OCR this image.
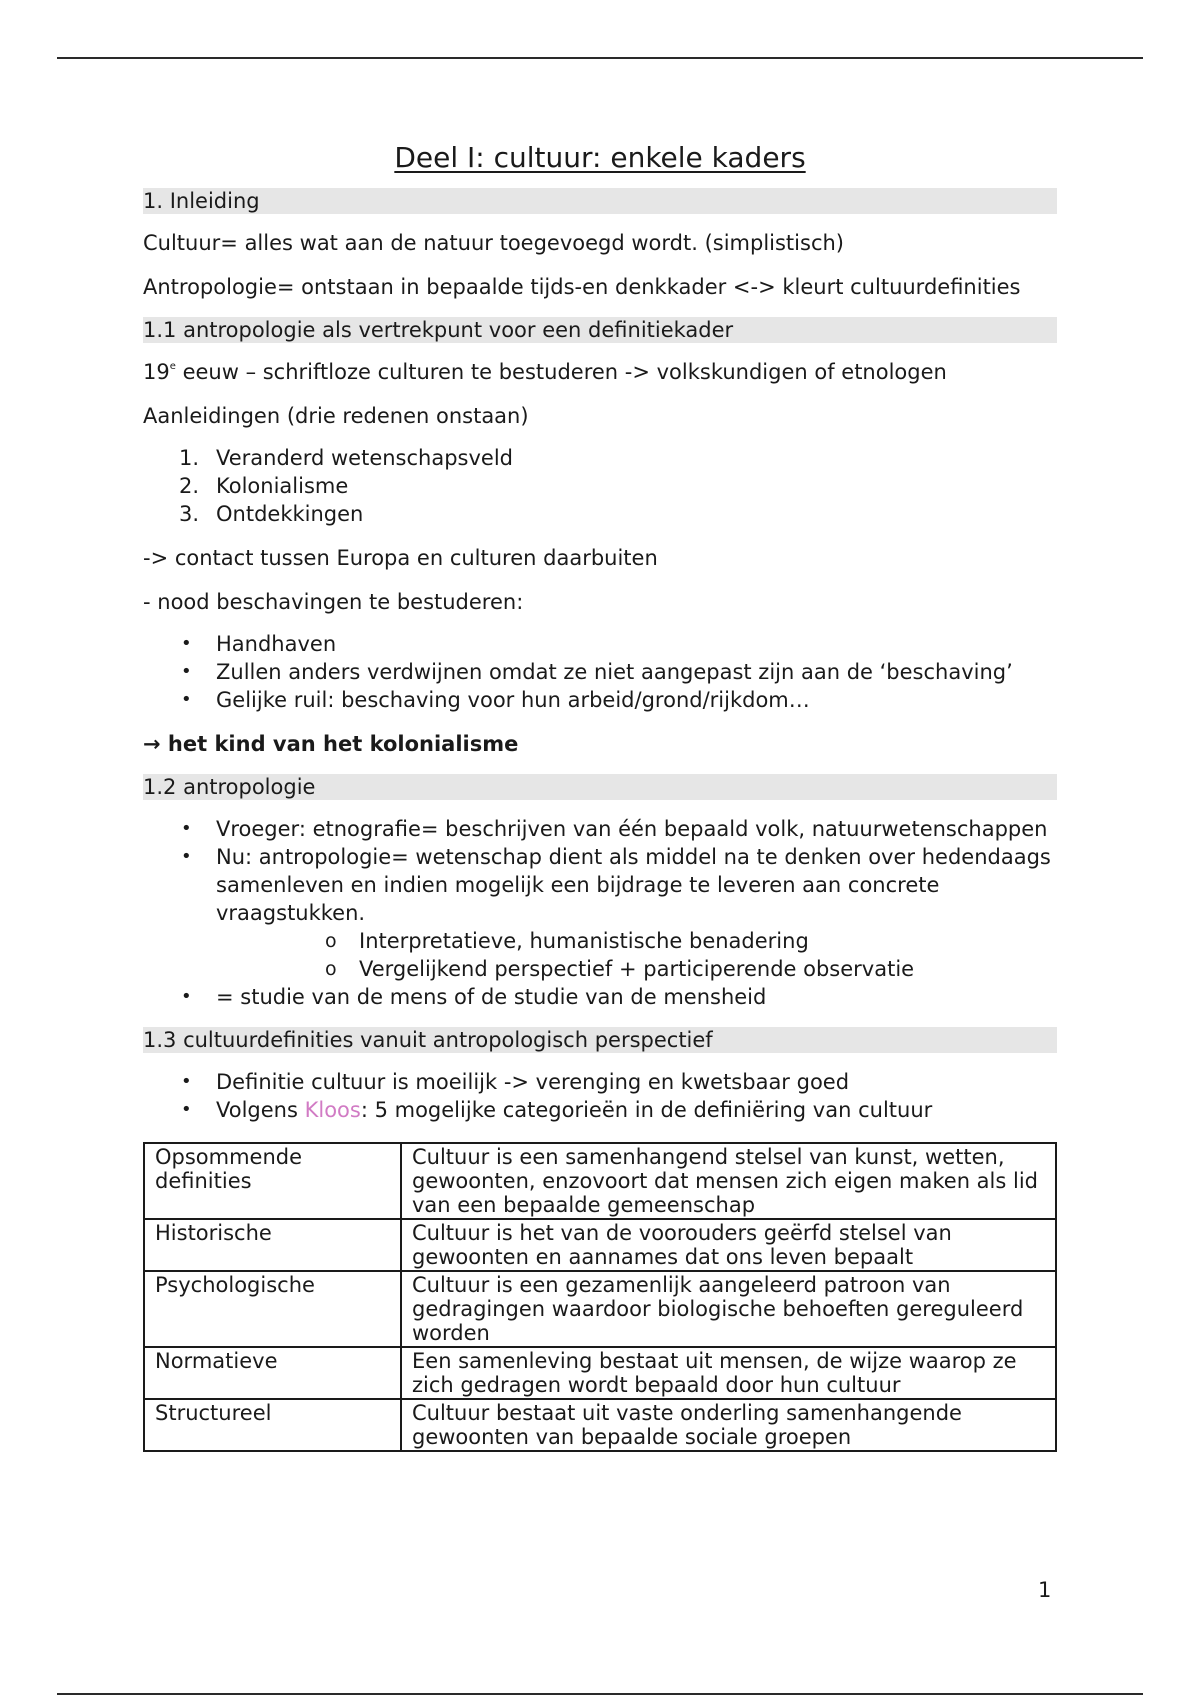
Deel I: cultuur: enkele kaders
1. Inleiding

Cultuur= alles wat aan de natuur toegevoegd wordt. (simplistisch)

Antropologie= ontstaan in bepaalde tijds-en denkkader <-> kleurt cultuurdefinities

1.1 antropologie als vertrekpunt voor een definitiekader

19e eeuw – schriftloze culturen te bestuderen -> volkskundigen of etnologen

Aanleidingen (drie redenen onstaan)

1. Veranderd wetenschapsveld
2. Kolonialisme
3. Ontdekkingen

-> contact tussen Europa en culturen daarbuiten

- nood beschavingen te bestuderen:

•	Handhaven
•	Zullen anders verdwijnen omdat ze niet aangepast zijn aan de ‘beschaving’
•	Gelijke ruil: beschaving voor hun arbeid/grond/rijkdom…

→ het kind van het kolonialisme

1.2 antropologie
•	Vroeger: etnografie= beschrijven van één bepaald volk, natuurwetenschappen
•	Nu: antropologie= wetenschap dient als middel na te denken over hedendaags samenleven en indien mogelijk een bijdrage te leveren aan concrete vraagstukken.
o	Interpretatieve, humanistische benadering
o	Vergelijkend perspectief + participerende observatie
•	= studie van de mens of de studie van de mensheid
1.3 cultuurdefinities vanuit antropologisch perspectief
•	Definitie cultuur is moeilijk -> verenging en kwetsbaar goed
•	Volgens Kloos: 5 mogelijke categorieën in de definiëring van cultuur
Opsommende definities	Cultuur is een samenhangend stelsel van kunst, wetten, gewoonten, enzovoort dat mensen zich eigen maken als lid van een bepaalde gemeenschap
Historische	Cultuur is het van de voorouders geërfd stelsel van gewoonten en aannames dat ons leven bepaalt
Psychologische	Cultuur is een gezamenlijk aangeleerd patroon van gedragingen waardoor biologische behoeften gereguleerd worden
Normatieve	Een samenleving bestaat uit mensen, de wijze waarop ze zich gedragen wordt bepaald door hun cultuur
Structureel	Cultuur bestaat uit vaste onderling samenhangende gewoonten van bepaalde sociale groepen
1
